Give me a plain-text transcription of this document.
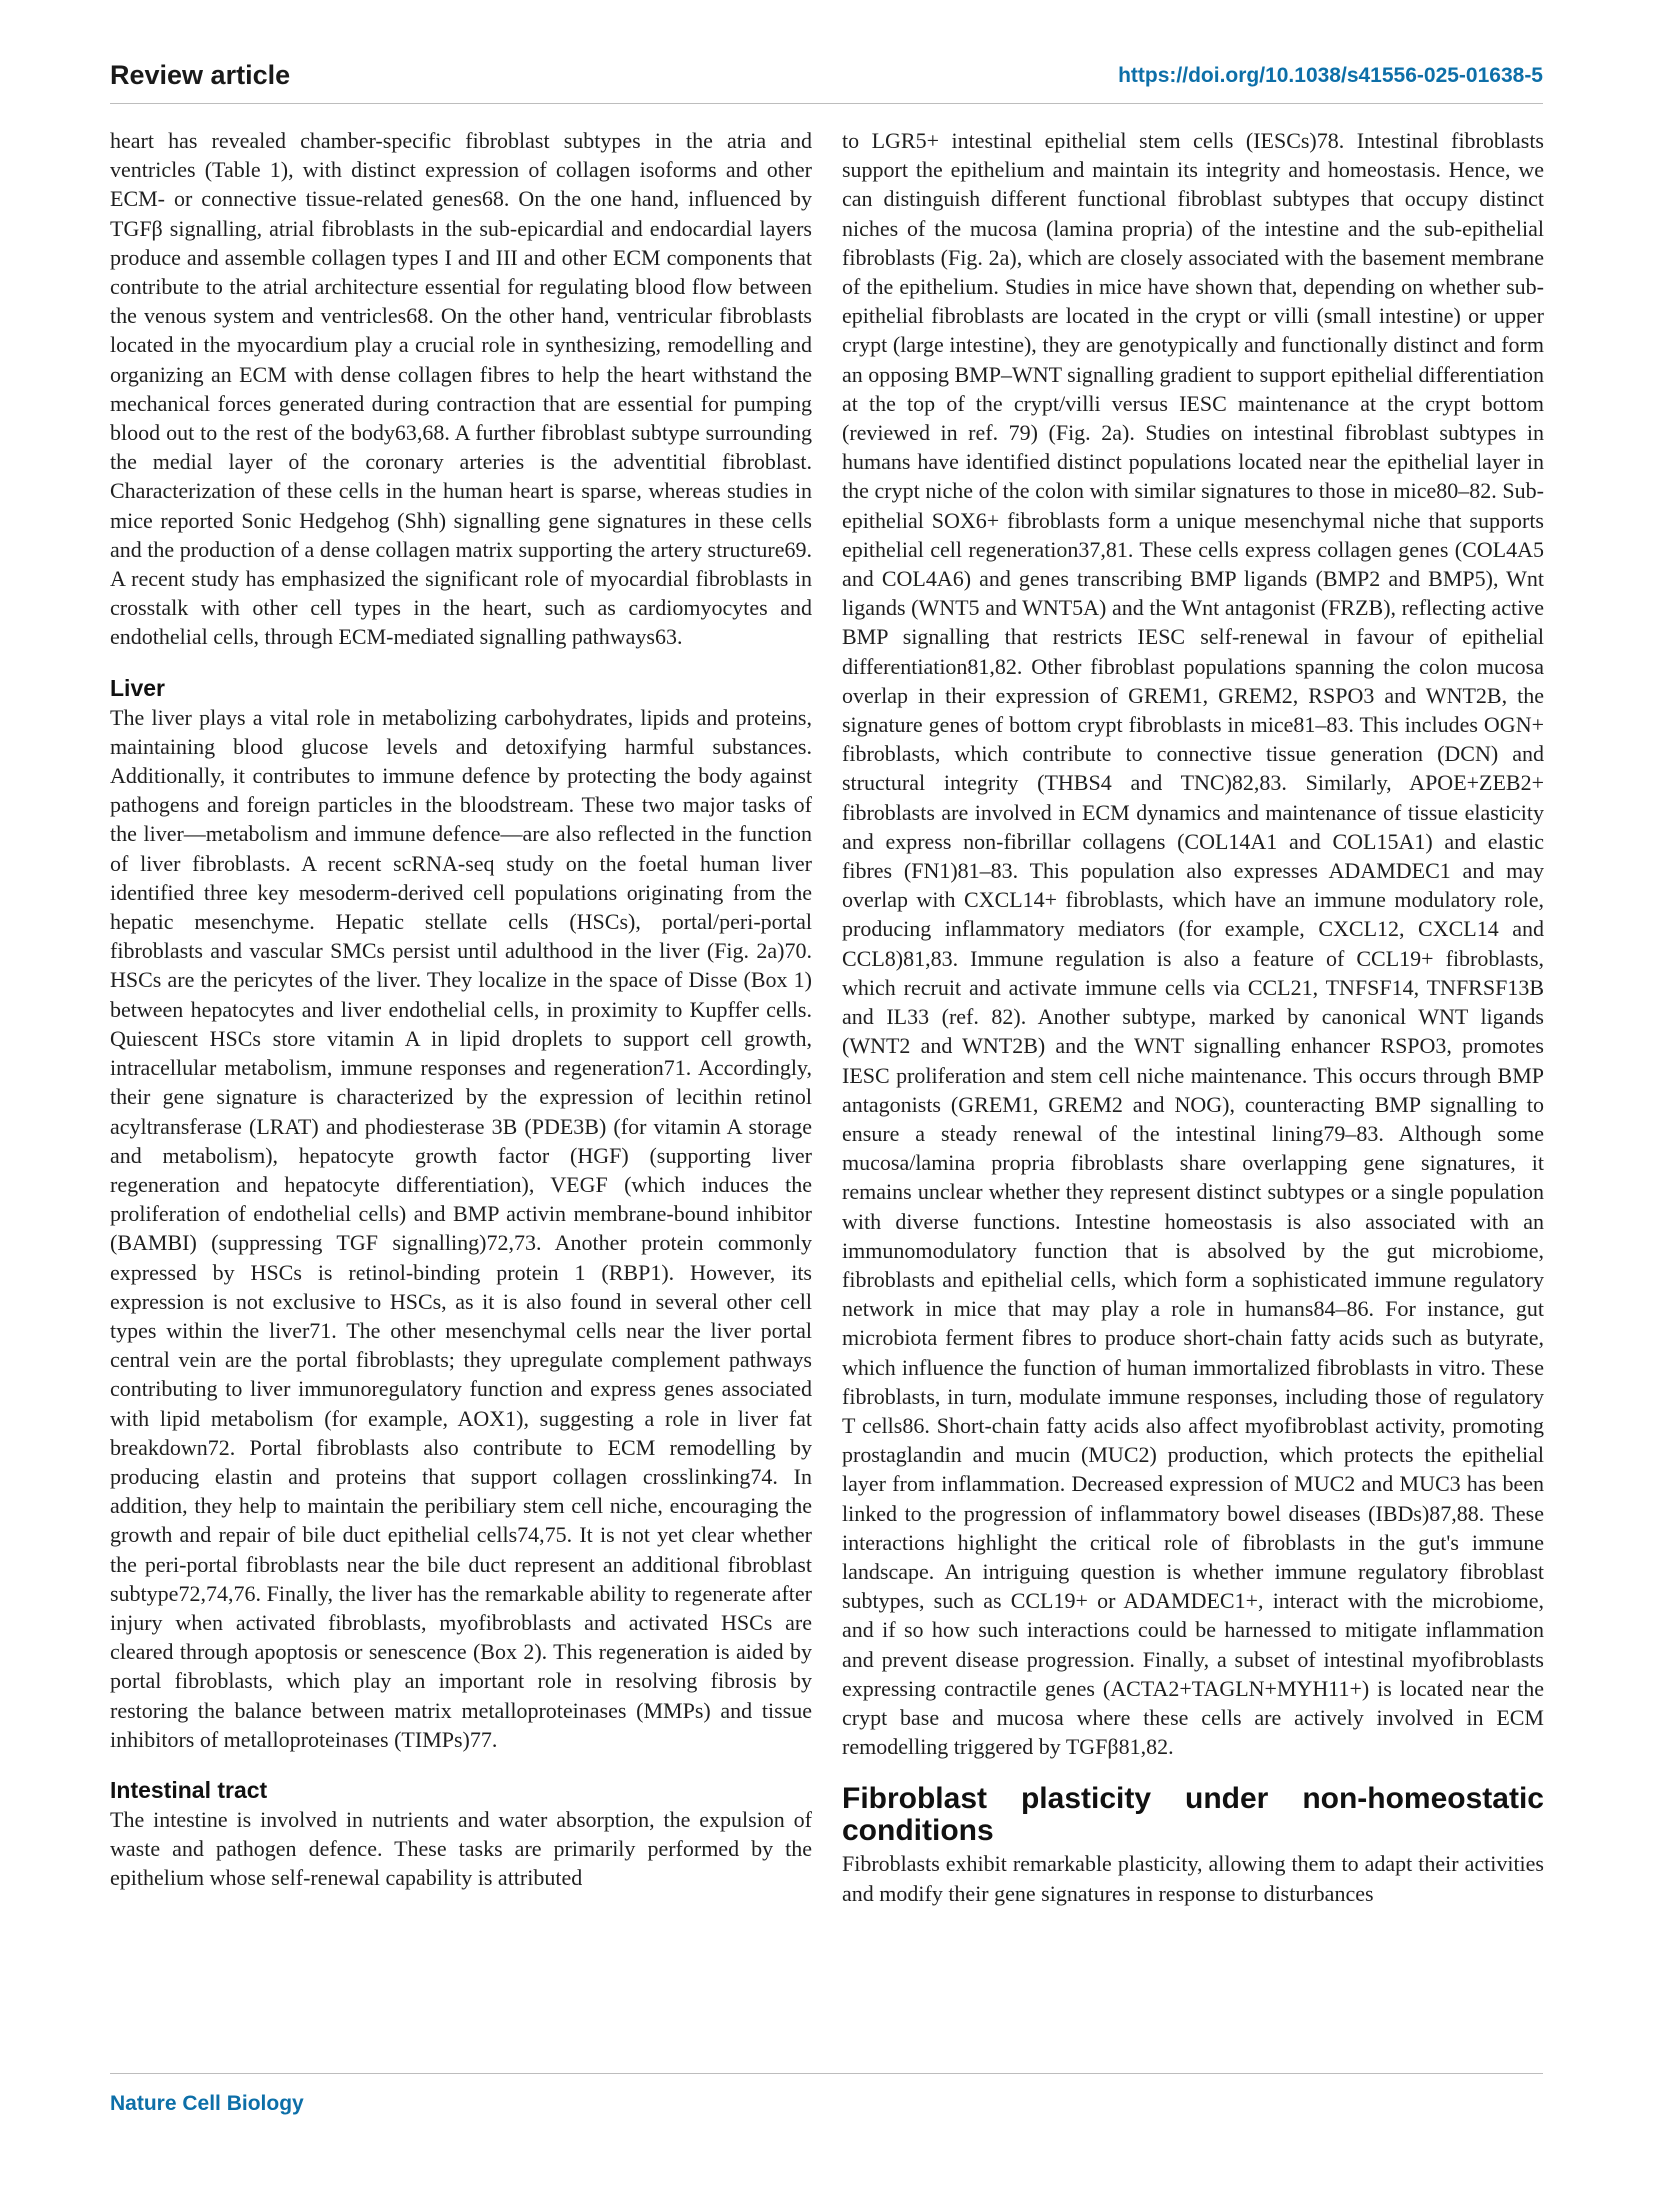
Review article	https://doi.org/10.1038/s41556-025-01638-5

heart has revealed chamber-specific fibroblast subtypes in the atria and ventricles (Table 1), with distinct expression of collagen isoforms and other ECM- or connective tissue-related genes68. On the one hand, influenced by TGFβ signalling, atrial fibroblasts in the sub-epicardial and endocardial layers produce and assemble collagen types I and III and other ECM components that contribute to the atrial architecture essential for regulating blood flow between the venous system and ventricles68. On the other hand, ventricular fibroblasts located in the myocardium play a crucial role in synthesizing, remodelling and organizing an ECM with dense collagen fibres to help the heart withstand the mechanical forces generated during contraction that are essential for pumping blood out to the rest of the body63,68. A further fibroblast subtype surrounding the medial layer of the coronary arteries is the adventitial fibroblast. Characterization of these cells in the human heart is sparse, whereas studies in mice reported Sonic Hedgehog (Shh) signalling gene signatures in these cells and the production of a dense collagen matrix supporting the artery structure69. A recent study has emphasized the significant role of myocardial fibroblasts in crosstalk with other cell types in the heart, such as cardiomyocytes and endothelial cells, through ECM-mediated signalling pathways63.

Liver

The liver plays a vital role in metabolizing carbohydrates, lipids and proteins, maintaining blood glucose levels and detoxifying harmful substances. Additionally, it contributes to immune defence by protecting the body against pathogens and foreign particles in the bloodstream. These two major tasks of the liver—metabolism and immune defence—are also reflected in the function of liver fibroblasts. A recent scRNA-seq study on the foetal human liver identified three key mesoderm-derived cell populations originating from the hepatic mesenchyme. Hepatic stellate cells (HSCs), portal/peri-portal fibroblasts and vascular SMCs persist until adulthood in the liver (Fig. 2a)70. HSCs are the pericytes of the liver. They localize in the space of Disse (Box 1) between hepatocytes and liver endothelial cells, in proximity to Kupffer cells. Quiescent HSCs store vitamin A in lipid droplets to support cell growth, intracellular metabolism, immune responses and regeneration71. Accordingly, their gene signature is characterized by the expression of lecithin retinol acyltransferase (LRAT) and phodiesterase 3B (PDE3B) (for vitamin A storage and metabolism), hepatocyte growth factor (HGF) (supporting liver regeneration and hepatocyte differentiation), VEGF (which induces the proliferation of endothelial cells) and BMP activin membrane-bound inhibitor (BAMBI) (suppressing TGF signalling)72,73. Another protein commonly expressed by HSCs is retinol-binding protein 1 (RBP1). However, its expression is not exclusive to HSCs, as it is also found in several other cell types within the liver71. The other mesenchymal cells near the liver portal central vein are the portal fibroblasts; they upregulate complement pathways contributing to liver immunoregulatory function and express genes associated with lipid metabolism (for example, AOX1), suggesting a role in liver fat breakdown72. Portal fibroblasts also contribute to ECM remodelling by producing elastin and proteins that support collagen crosslinking74. In addition, they help to maintain the peribiliary stem cell niche, encouraging the growth and repair of bile duct epithelial cells74,75. It is not yet clear whether the peri-portal fibroblasts near the bile duct represent an additional fibroblast subtype72,74,76. Finally, the liver has the remarkable ability to regenerate after injury when activated fibroblasts, myofibroblasts and activated HSCs are cleared through apoptosis or senescence (Box 2). This regeneration is aided by portal fibroblasts, which play an important role in resolving fibrosis by restoring the balance between matrix metalloproteinases (MMPs) and tissue inhibitors of metalloproteinases (TIMPs)77.

Intestinal tract

The intestine is involved in nutrients and water absorption, the expulsion of waste and pathogen defence. These tasks are primarily performed by the epithelium whose self-renewal capability is attributed

to LGR5+ intestinal epithelial stem cells (IESCs)78. Intestinal fibroblasts support the epithelium and maintain its integrity and homeostasis. Hence, we can distinguish different functional fibroblast subtypes that occupy distinct niches of the mucosa (lamina propria) of the intestine and the sub-epithelial fibroblasts (Fig. 2a), which are closely associated with the basement membrane of the epithelium. Studies in mice have shown that, depending on whether sub-epithelial fibroblasts are located in the crypt or villi (small intestine) or upper crypt (large intestine), they are genotypically and functionally distinct and form an opposing BMP–WNT signalling gradient to support epithelial differentiation at the top of the crypt/villi versus IESC maintenance at the crypt bottom (reviewed in ref. 79) (Fig. 2a). Studies on intestinal fibroblast subtypes in humans have identified distinct populations located near the epithelial layer in the crypt niche of the colon with similar signatures to those in mice80–82. Sub-epithelial SOX6+ fibroblasts form a unique mesenchymal niche that supports epithelial cell regeneration37,81. These cells express collagen genes (COL4A5 and COL4A6) and genes transcribing BMP ligands (BMP2 and BMP5), Wnt ligands (WNT5 and WNT5A) and the Wnt antagonist (FRZB), reflecting active BMP signalling that restricts IESC self-renewal in favour of epithelial differentiation81,82. Other fibroblast populations spanning the colon mucosa overlap in their expression of GREM1, GREM2, RSPO3 and WNT2B, the signature genes of bottom crypt fibroblasts in mice81–83. This includes OGN+ fibroblasts, which contribute to connective tissue generation (DCN) and structural integrity (THBS4 and TNC)82,83. Similarly, APOE+ZEB2+ fibroblasts are involved in ECM dynamics and maintenance of tissue elasticity and express non-fibrillar collagens (COL14A1 and COL15A1) and elastic fibres (FN1)81–83. This population also expresses ADAMDEC1 and may overlap with CXCL14+ fibroblasts, which have an immune modulatory role, producing inflammatory mediators (for example, CXCL12, CXCL14 and CCL8)81,83. Immune regulation is also a feature of CCL19+ fibroblasts, which recruit and activate immune cells via CCL21, TNFSF14, TNFRSF13B and IL33 (ref. 82). Another subtype, marked by canonical WNT ligands (WNT2 and WNT2B) and the WNT signalling enhancer RSPO3, promotes IESC proliferation and stem cell niche maintenance. This occurs through BMP antagonists (GREM1, GREM2 and NOG), counteracting BMP signalling to ensure a steady renewal of the intestinal lining79–83. Although some mucosa/lamina propria fibroblasts share overlapping gene signatures, it remains unclear whether they represent distinct subtypes or a single population with diverse functions. Intestine homeostasis is also associated with an immunomodulatory function that is absolved by the gut microbiome, fibroblasts and epithelial cells, which form a sophisticated immune regulatory network in mice that may play a role in humans84–86. For instance, gut microbiota ferment fibres to produce short-chain fatty acids such as butyrate, which influence the function of human immortalized fibroblasts in vitro. These fibroblasts, in turn, modulate immune responses, including those of regulatory T cells86. Short-chain fatty acids also affect myofibroblast activity, promoting prostaglandin and mucin (MUC2) production, which protects the epithelial layer from inflammation. Decreased expression of MUC2 and MUC3 has been linked to the progression of inflammatory bowel diseases (IBDs)87,88. These interactions highlight the critical role of fibroblasts in the gut's immune landscape. An intriguing question is whether immune regulatory fibroblast subtypes, such as CCL19+ or ADAMDEC1+, interact with the microbiome, and if so how such interactions could be harnessed to mitigate inflammation and prevent disease progression. Finally, a subset of intestinal myofibroblasts expressing contractile genes (ACTA2+TAGLN+MYH11+) is located near the crypt base and mucosa where these cells are actively involved in ECM remodelling triggered by TGFβ81,82.

Fibroblast plasticity under non-homeostatic conditions

Fibroblasts exhibit remarkable plasticity, allowing them to adapt their activities and modify their gene signatures in response to disturbances

Nature Cell Biology
